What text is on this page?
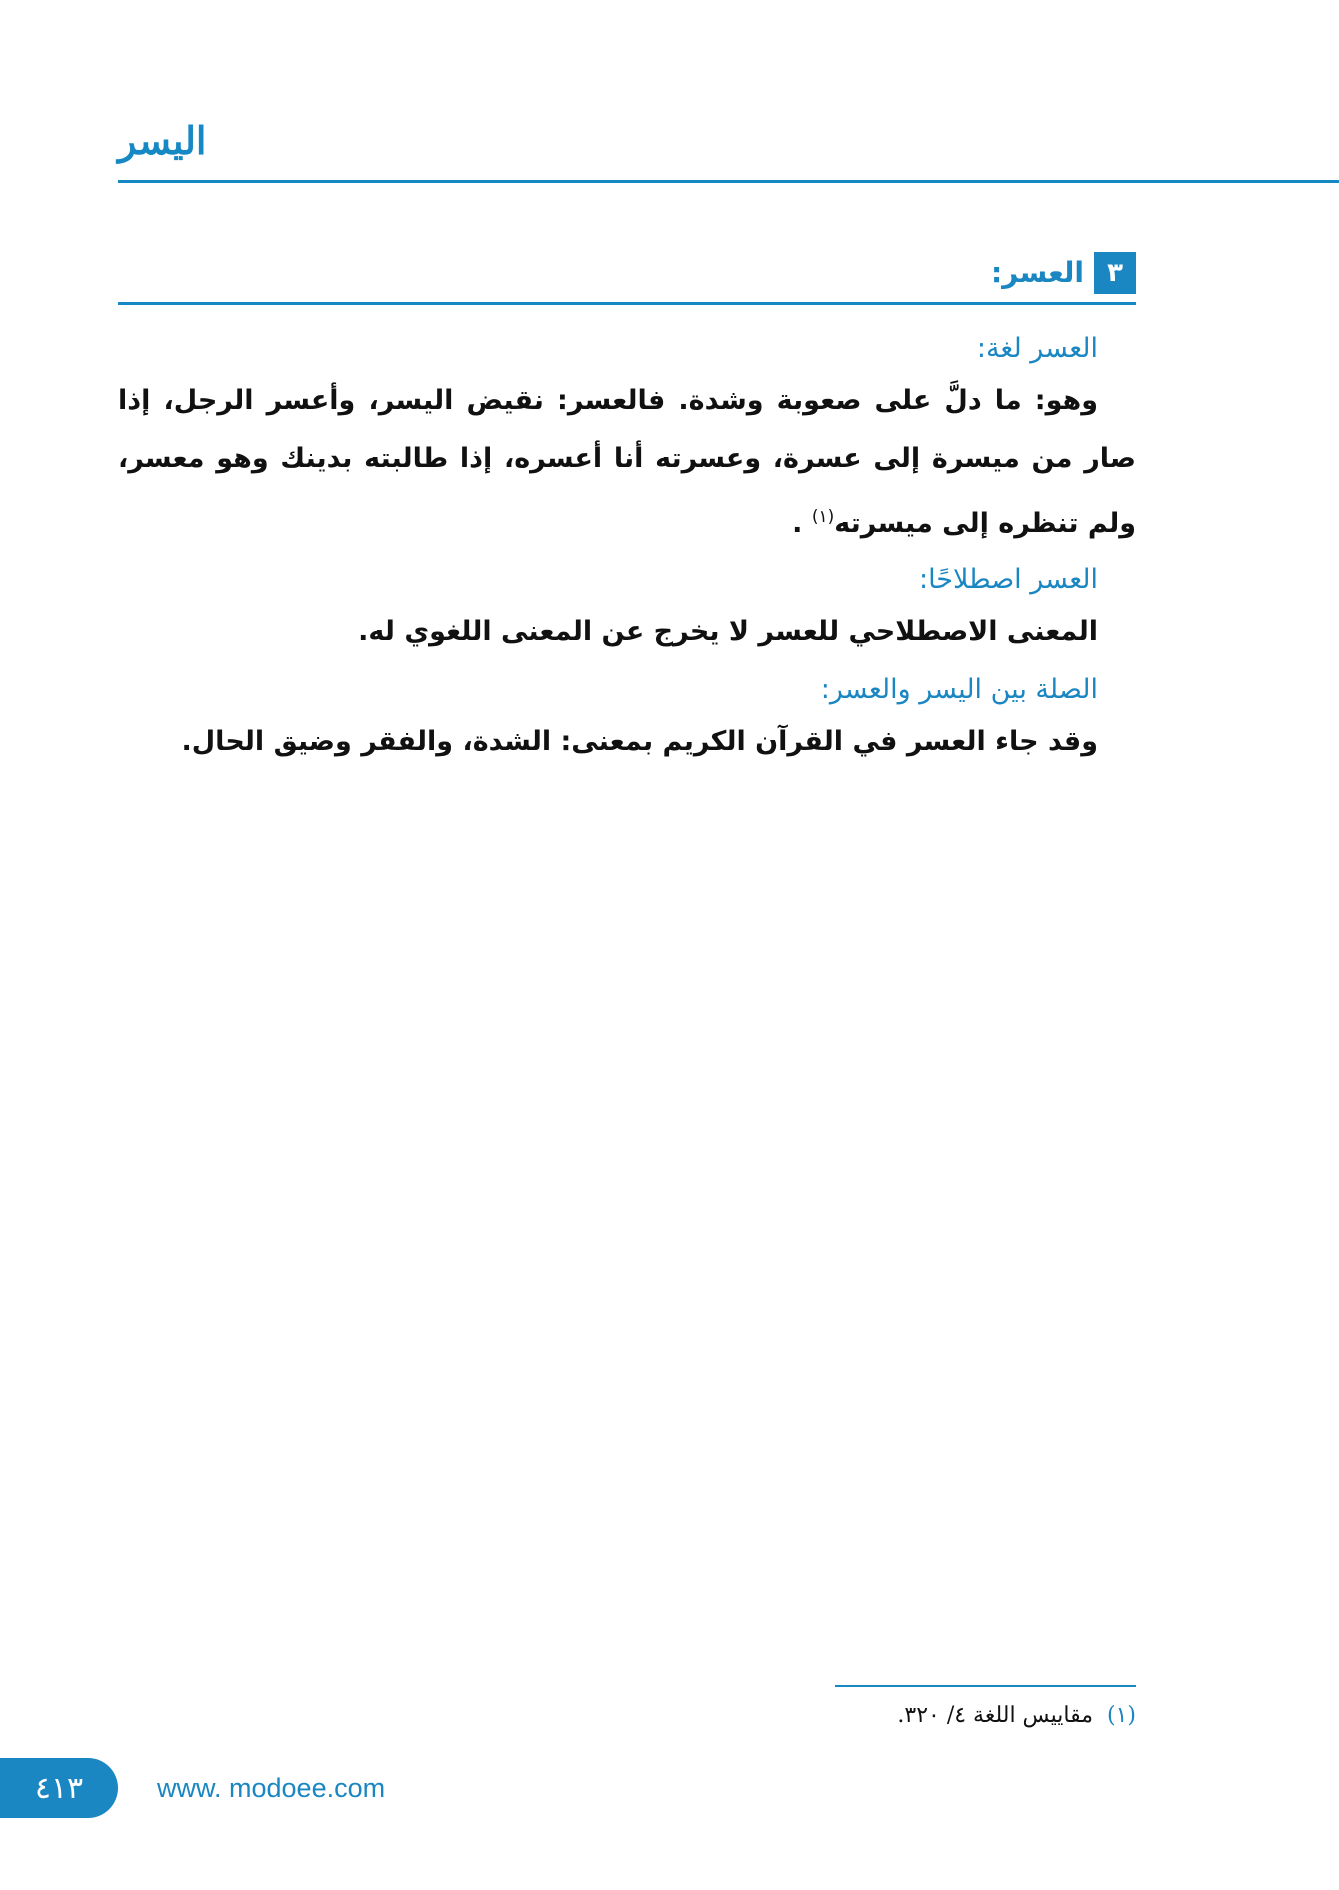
اليسر
٣
العسر:

العسر لغة:

وهو: ما دلَّ على صعوبة وشدة. فالعسر: نقيض اليسر، وأعسر الرجل، إذا صار من ميسرة إلى عسرة، وعسرته أنا أعسره، إذا طالبته بدينك وهو معسر، ولم تنظره إلى ميسرته$^{(١)}$ .

العسر اصطلاحًا:

المعنى الاصطلاحي للعسر لا يخرج عن المعنى اللغوي له.

الصلة بين اليسر والعسر:

وقد جاء العسر في القرآن الكريم بمعنى: الشدة، والفقر وضيق الحال.

(١)مقاييس اللغة ٤/ ٣٢٠.
٤١٣	www. modoee.com
